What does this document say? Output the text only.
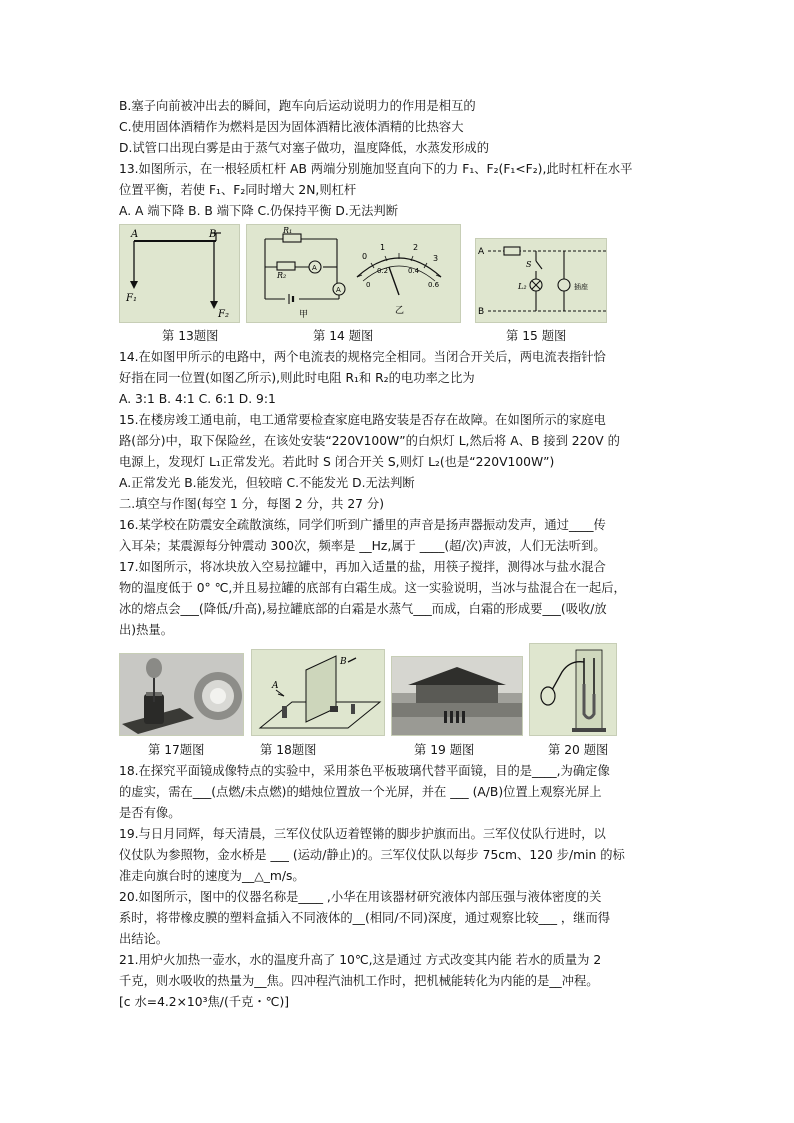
B.塞子向前被冲出去的瞬间，跑车向后运动说明力的作用是相互的
C.使用固体酒精作为燃料是因为固体酒精比液体酒精的比热容大
D.试管口出现白雾是由于蒸气对塞子做功，温度降低，水蒸发形成的
13.如图所示，在一根轻质杠杆 AB 两端分别施加竖直向下的力 F₁、F₂(F₁<F₂),此时杠杆在水平
位置平衡，若使 F₁、F₂同时增大 2N,则杠杆
A. A 端下降 B. B 端下降 C.仍保持平衡 D.无法判断
A	B
F₁
F₂
R₁
R₂
A
A
甲
0
1	2
3
0
0.2	0.4
0.6
乙
A
B
S
L₂	插座
第 13题图	第 14 题图	第 15 题图
14.在如图甲所示的电路中，两个电流表的规格完全相同。当闭合开关后，两电流表指针恰
好指在同一位置(如图乙所示),则此时电阻 R₁和 R₂的电功率之比为
A. 3:1 B. 4:1 C. 6:1 D. 9:1
15.在楼房竣工通电前，电工通常要检查家庭电路安装是否存在故障。在如图所示的家庭电
路(部分)中，取下保险丝，在该处安装“220V100W”的白炽灯 L,然后将 A、B 接到 220V 的
电源上，发现灯 L₁正常发光。若此时 S 闭合开关 S,则灯 L₂(也是“220V100W”)
A.正常发光 B.能发光，但较暗 C.不能发光 D.无法判断
二.填空与作图(每空 1 分，每图 2 分，共 27 分)
16.某学校在防震安全疏散演练，同学们听到广播里的声音是扬声器振动发声，通过____传
入耳朵；某震源每分钟震动 300次，频率是 __Hz,属于 ____(超/次)声波，人们无法听到。
17.如图所示，将冰块放入空易拉罐中，再加入适量的盐，用筷子搅拌，测得冰与盐水混合
物的温度低于 0° ℃,并且易拉罐的底部有白霜生成。这一实验说明，当冰与盐混合在一起后，
冰的熔点会___(降低/升高),易拉罐底部的白霜是水蒸气___而成，白霜的形成要___(吸收/放
出)热量。
A
B
第 17题图	第 18题图	第 19 题图	第 20 题图
18.在探究平面镜成像特点的实验中，采用茶色平板玻璃代替平面镜，目的是____,为确定像
的虚实，需在___(点燃/未点燃)的蜡烛位置放一个光屏，并在 ___ (A/B)位置上观察光屏上
是否有像。
19.与日月同辉，每天清晨，三军仪仗队迈着铿锵的脚步护旗而出。三军仪仗队行进时，以
仪仗队为参照物，金水桥是 ___ (运动/静止)的。三军仪仗队以每步 75cm、120 步/min 的标
准走向旗台时的速度为__△_m/s。
20.如图所示，图中的仪器名称是____ ,小华在用该器材研究液体内部压强与液体密度的关
系时，将带橡皮膜的塑料盒插入不同液体的__(相同/不同)深度，通过观察比较___ ，继而得
出结论。
21.用炉火加热一壶水，水的温度升高了 10℃,这是通过 方式改变其内能 若水的质量为 2
千克，则水吸收的热量为__焦。四冲程汽油机工作时，把机械能转化为内能的是__冲程。
[c 水=4.2×10³焦/(千克・℃)]
